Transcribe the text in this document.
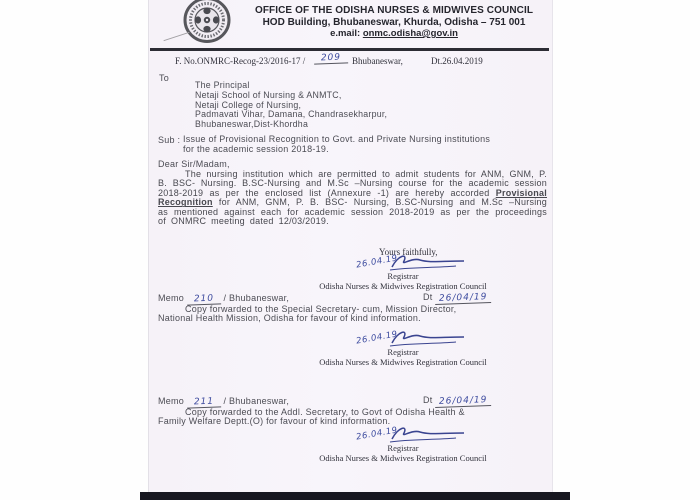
OFFICE OF THE ODISHA NURSES & MIDWIVES COUNCIL
HOD Building, Bhubaneswar, Khurda, Odisha – 751 001
e.mail: onmc.odisha@gov.in
F. No.ONMRC-Recog-23/2016-17 /	209	Bhubaneswar,	Dt.26.04.2019
To
The Principal
Netaji School of Nursing & ANMTC,
Netaji College of Nursing,
Padmavati Vihar, Damana, Chandrasekharpur,
Bhubaneswar,Dist-Khordha
Sub : Issue of Provisional Recognition to Govt. and Private Nursing institutions
for the academic session 2018-19.
Dear Sir/Madam,
The nursing institution which are permitted to admit students for ANM, GNM, P. B. BSC- Nursing. B.SC-Nursing and M.Sc –Nursing course for the academic session 2018-2019 as per the enclosed list (Annexure -1) are hereby accorded Provisional Recognition for ANM, GNM, P. B. BSC- Nursing, B.SC-Nursing and M.Sc –Nursing as mentioned against each for academic session 2018-2019 as per the proceedings of ONMRC meeting dated 12/03/2019.
Yours faithfully,
26.04.19
Registrar
Odisha Nurses & Midwives Registration Council
Memo 210 / Bhubaneswar,	Dt 26/04/19
Copy forwarded to the Special Secretary- cum, Mission Director,
National Health Mission, Odisha for favour of kind information.
26.04.19
Registrar
Odisha Nurses & Midwives Registration Council
Memo 211 / Bhubaneswar,	Dt 26/04/19
Copy forwarded to the Addl. Secretary, to Govt of Odisha Health &
Family Welfare Deptt.(O) for favour of kind information.
26.04.19
Registrar
Odisha Nurses & Midwives Registration Council
